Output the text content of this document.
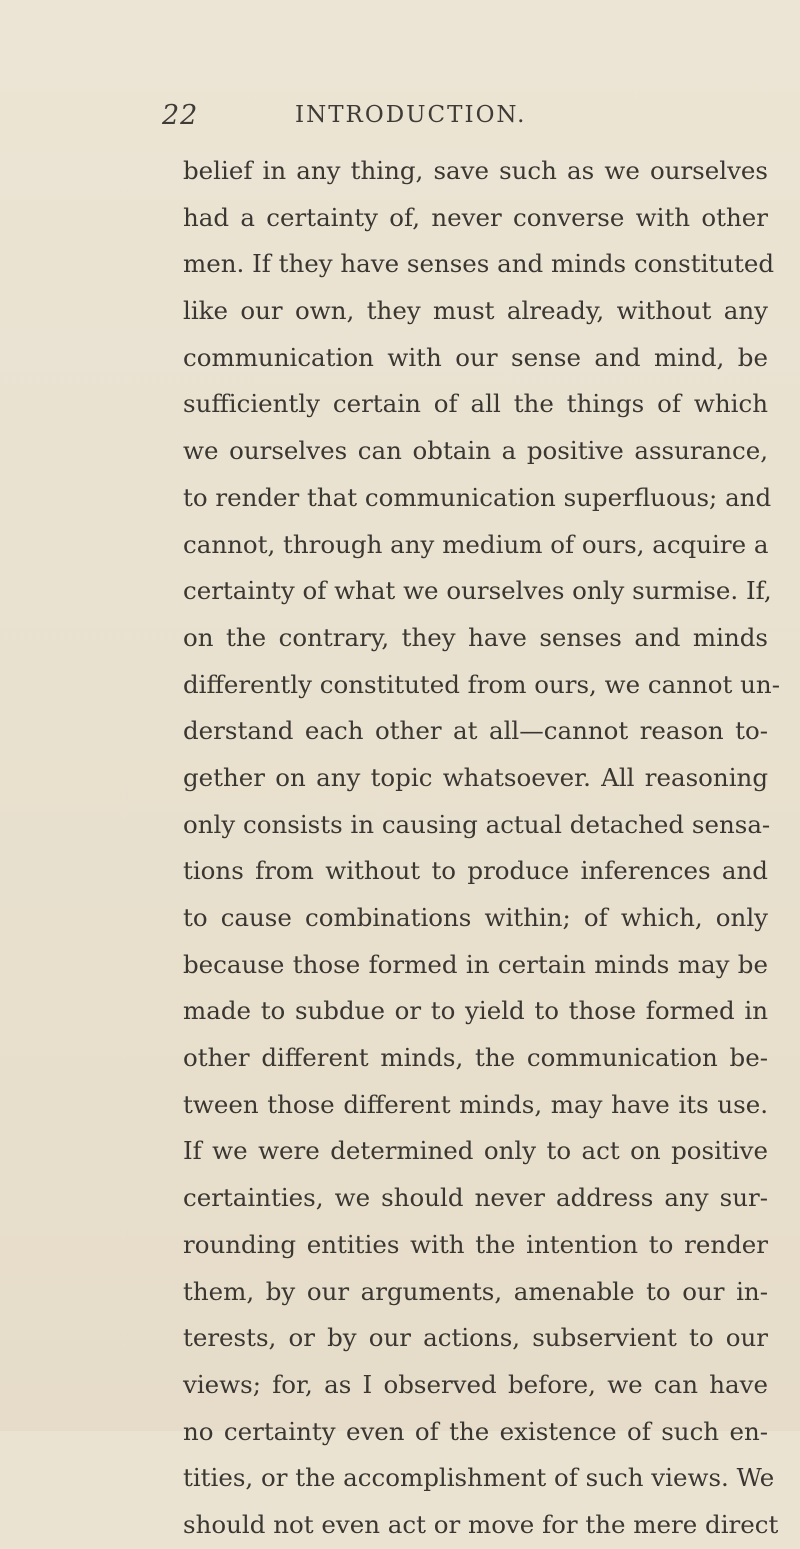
22	INTRODUCTION.
belief in any thing, save such as we ourselves
had a certainty of, never converse with other
men. If they have senses and minds constituted
like our own, they must already, without any
communication with our sense and mind, be
sufficiently certain of all the things of which
we ourselves can obtain a positive assurance,
to render that communication superfluous; and
cannot, through any medium of ours, acquire a
certainty of what we ourselves only surmise. If,
on the contrary, they have senses and minds
differently constituted from ours, we cannot un-
derstand each other at all—cannot reason to-
gether on any topic whatsoever. All reasoning
only consists in causing actual detached sensa-
tions from without to produce inferences and
to cause combinations within; of which, only
because those formed in certain minds may be
made to subdue or to yield to those formed in
other different minds, the communication be-
tween those different minds, may have its use.
If we were determined only to act on positive
certainties, we should never address any sur-
rounding entities with the intention to render
them, by our arguments, amenable to our in-
terests, or by our actions, subservient to our
views; for, as I observed before, we can have
no certainty even of the existence of such en-
tities, or the accomplishment of such views. We
should not even act or move for the mere direct
